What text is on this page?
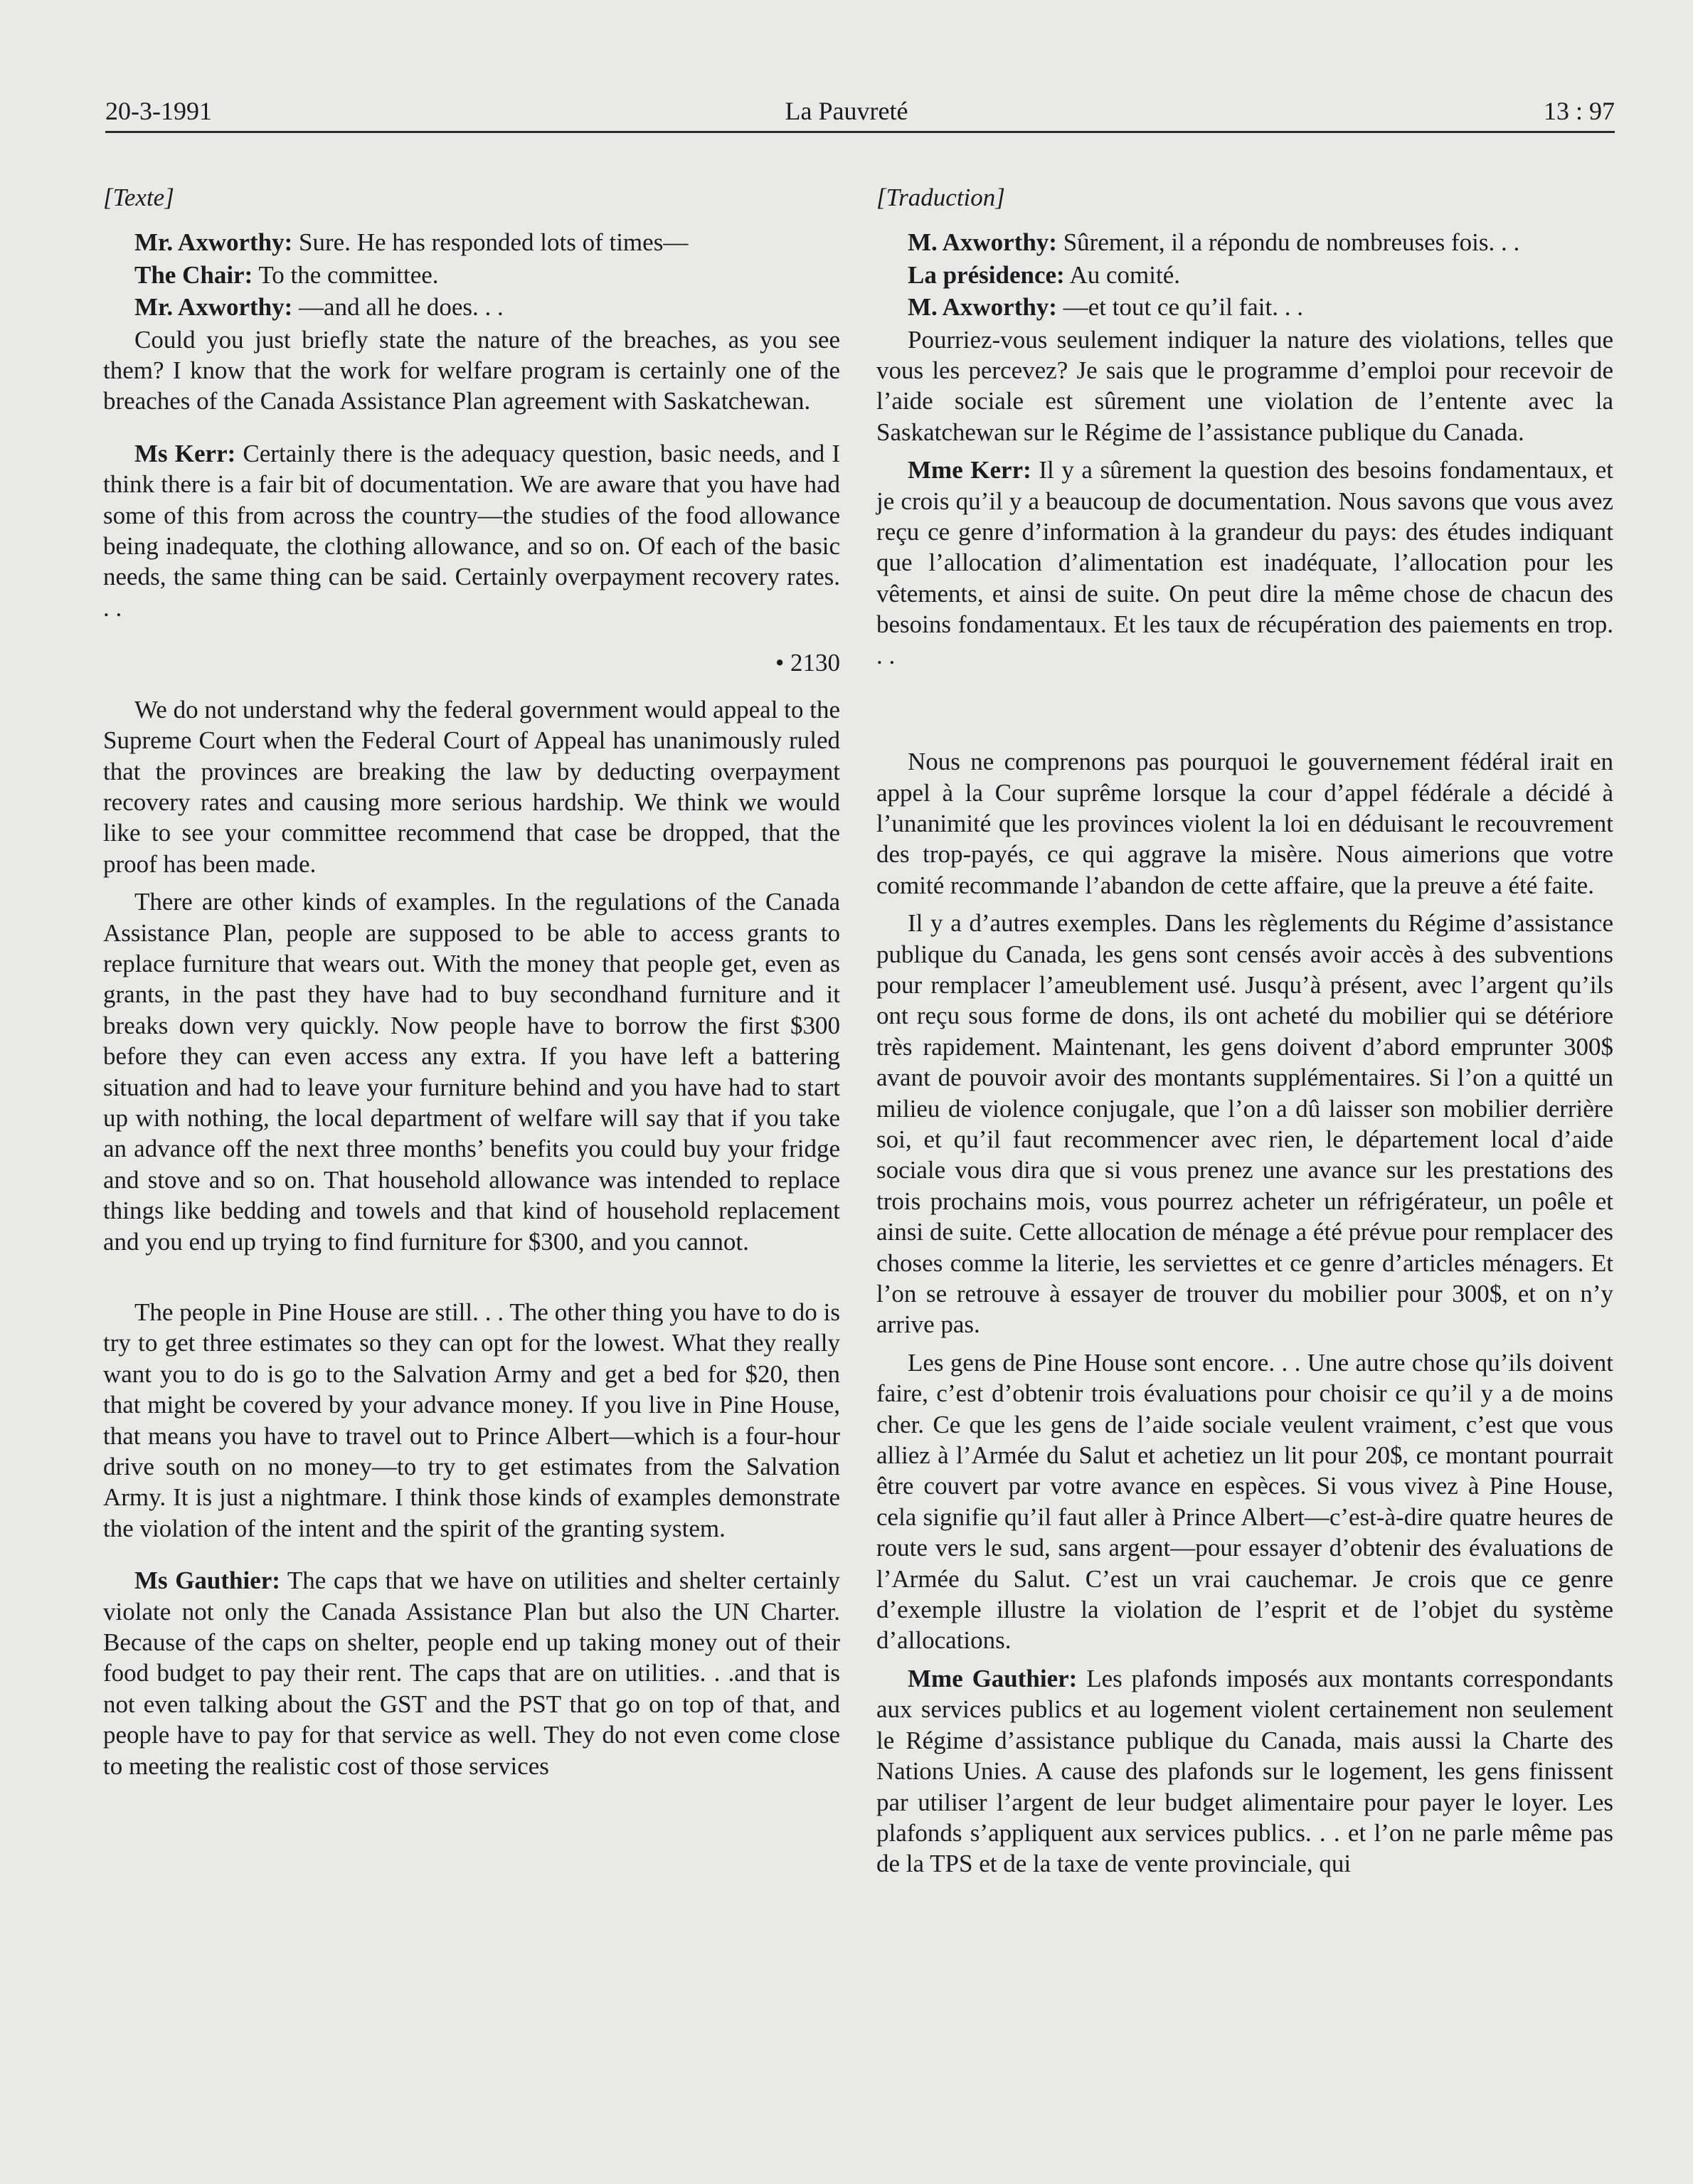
20-3-1991	La Pauvreté	13 : 97

[Texte]

Mr. Axworthy: Sure. He has responded lots of times—

The Chair: To the committee.

Mr. Axworthy: —and all he does. . .

Could you just briefly state the nature of the breaches, as you see them? I know that the work for welfare program is certainly one of the breaches of the Canada Assistance Plan agreement with Saskatchewan.

Ms Kerr: Certainly there is the adequacy question, basic needs, and I think there is a fair bit of documentation. We are aware that you have had some of this from across the country—the studies of the food allowance being inadequate, the clothing allowance, and so on. Of each of the basic needs, the same thing can be said. Certainly overpayment recovery rates. . .

• 2130

We do not understand why the federal government would appeal to the Supreme Court when the Federal Court of Appeal has unanimously ruled that the provinces are breaking the law by deducting overpayment recovery rates and causing more serious hardship. We think we would like to see your committee recommend that case be dropped, that the proof has been made.

There are other kinds of examples. In the regulations of the Canada Assistance Plan, people are supposed to be able to access grants to replace furniture that wears out. With the money that people get, even as grants, in the past they have had to buy secondhand furniture and it breaks down very quickly. Now people have to borrow the first $300 before they can even access any extra. If you have left a battering situation and had to leave your furniture behind and you have had to start up with nothing, the local department of welfare will say that if you take an advance off the next three months’ benefits you could buy your fridge and stove and so on. That household allowance was intended to replace things like bedding and towels and that kind of household replacement and you end up trying to find furniture for $300, and you cannot.

The people in Pine House are still. . . The other thing you have to do is try to get three estimates so they can opt for the lowest. What they really want you to do is go to the Salvation Army and get a bed for $20, then that might be covered by your advance money. If you live in Pine House, that means you have to travel out to Prince Albert—which is a four-hour drive south on no money—to try to get estimates from the Salvation Army. It is just a nightmare. I think those kinds of examples demonstrate the violation of the intent and the spirit of the granting system.

Ms Gauthier: The caps that we have on utilities and shelter certainly violate not only the Canada Assistance Plan but also the UN Charter. Because of the caps on shelter, people end up taking money out of their food budget to pay their rent. The caps that are on utilities. . .and that is not even talking about the GST and the PST that go on top of that, and people have to pay for that service as well. They do not even come close to meeting the realistic cost of those services

[Traduction]

M. Axworthy: Sûrement, il a répondu de nombreuses fois. . .

La présidence: Au comité.

M. Axworthy: —et tout ce qu’il fait. . .

Pourriez-vous seulement indiquer la nature des violations, telles que vous les percevez? Je sais que le programme d’emploi pour recevoir de l’aide sociale est sûrement une violation de l’entente avec la Saskatchewan sur le Régime de l’assistance publique du Canada.

Mme Kerr: Il y a sûrement la question des besoins fondamentaux, et je crois qu’il y a beaucoup de documentation. Nous savons que vous avez reçu ce genre d’information à la grandeur du pays: des études indiquant que l’allocation d’alimentation est inadéquate, l’allocation pour les vêtements, et ainsi de suite. On peut dire la même chose de chacun des besoins fondamentaux. Et les taux de récupération des paiements en trop. . .

Nous ne comprenons pas pourquoi le gouvernement fédéral irait en appel à la Cour suprême lorsque la cour d’appel fédérale a décidé à l’unanimité que les provinces violent la loi en déduisant le recouvrement des trop-payés, ce qui aggrave la misère. Nous aimerions que votre comité recommande l’abandon de cette affaire, que la preuve a été faite.

Il y a d’autres exemples. Dans les règlements du Régime d’assistance publique du Canada, les gens sont censés avoir accès à des subventions pour remplacer l’ameublement usé. Jusqu’à présent, avec l’argent qu’ils ont reçu sous forme de dons, ils ont acheté du mobilier qui se détériore très rapidement. Maintenant, les gens doivent d’abord emprunter 300$ avant de pouvoir avoir des montants supplémentaires. Si l’on a quitté un milieu de violence conjugale, que l’on a dû laisser son mobilier derrière soi, et qu’il faut recommencer avec rien, le département local d’aide sociale vous dira que si vous prenez une avance sur les prestations des trois prochains mois, vous pourrez acheter un réfrigérateur, un poêle et ainsi de suite. Cette allocation de ménage a été prévue pour remplacer des choses comme la literie, les serviettes et ce genre d’articles ménagers. Et l’on se retrouve à essayer de trouver du mobilier pour 300$, et on n’y arrive pas.

Les gens de Pine House sont encore. . . Une autre chose qu’ils doivent faire, c’est d’obtenir trois évaluations pour choisir ce qu’il y a de moins cher. Ce que les gens de l’aide sociale veulent vraiment, c’est que vous alliez à l’Armée du Salut et achetiez un lit pour 20$, ce montant pourrait être couvert par votre avance en espèces. Si vous vivez à Pine House, cela signifie qu’il faut aller à Prince Albert—c’est-à-dire quatre heures de route vers le sud, sans argent—pour essayer d’obtenir des évaluations de l’Armée du Salut. C’est un vrai cauchemar. Je crois que ce genre d’exemple illustre la violation de l’esprit et de l’objet du système d’allocations.

Mme Gauthier: Les plafonds imposés aux montants correspondants aux services publics et au logement violent certainement non seulement le Régime d’assistance publique du Canada, mais aussi la Charte des Nations Unies. A cause des plafonds sur le logement, les gens finissent par utiliser l’argent de leur budget alimentaire pour payer le loyer. Les plafonds s’appliquent aux services publics. . . et l’on ne parle même pas de la TPS et de la taxe de vente provinciale, qui
